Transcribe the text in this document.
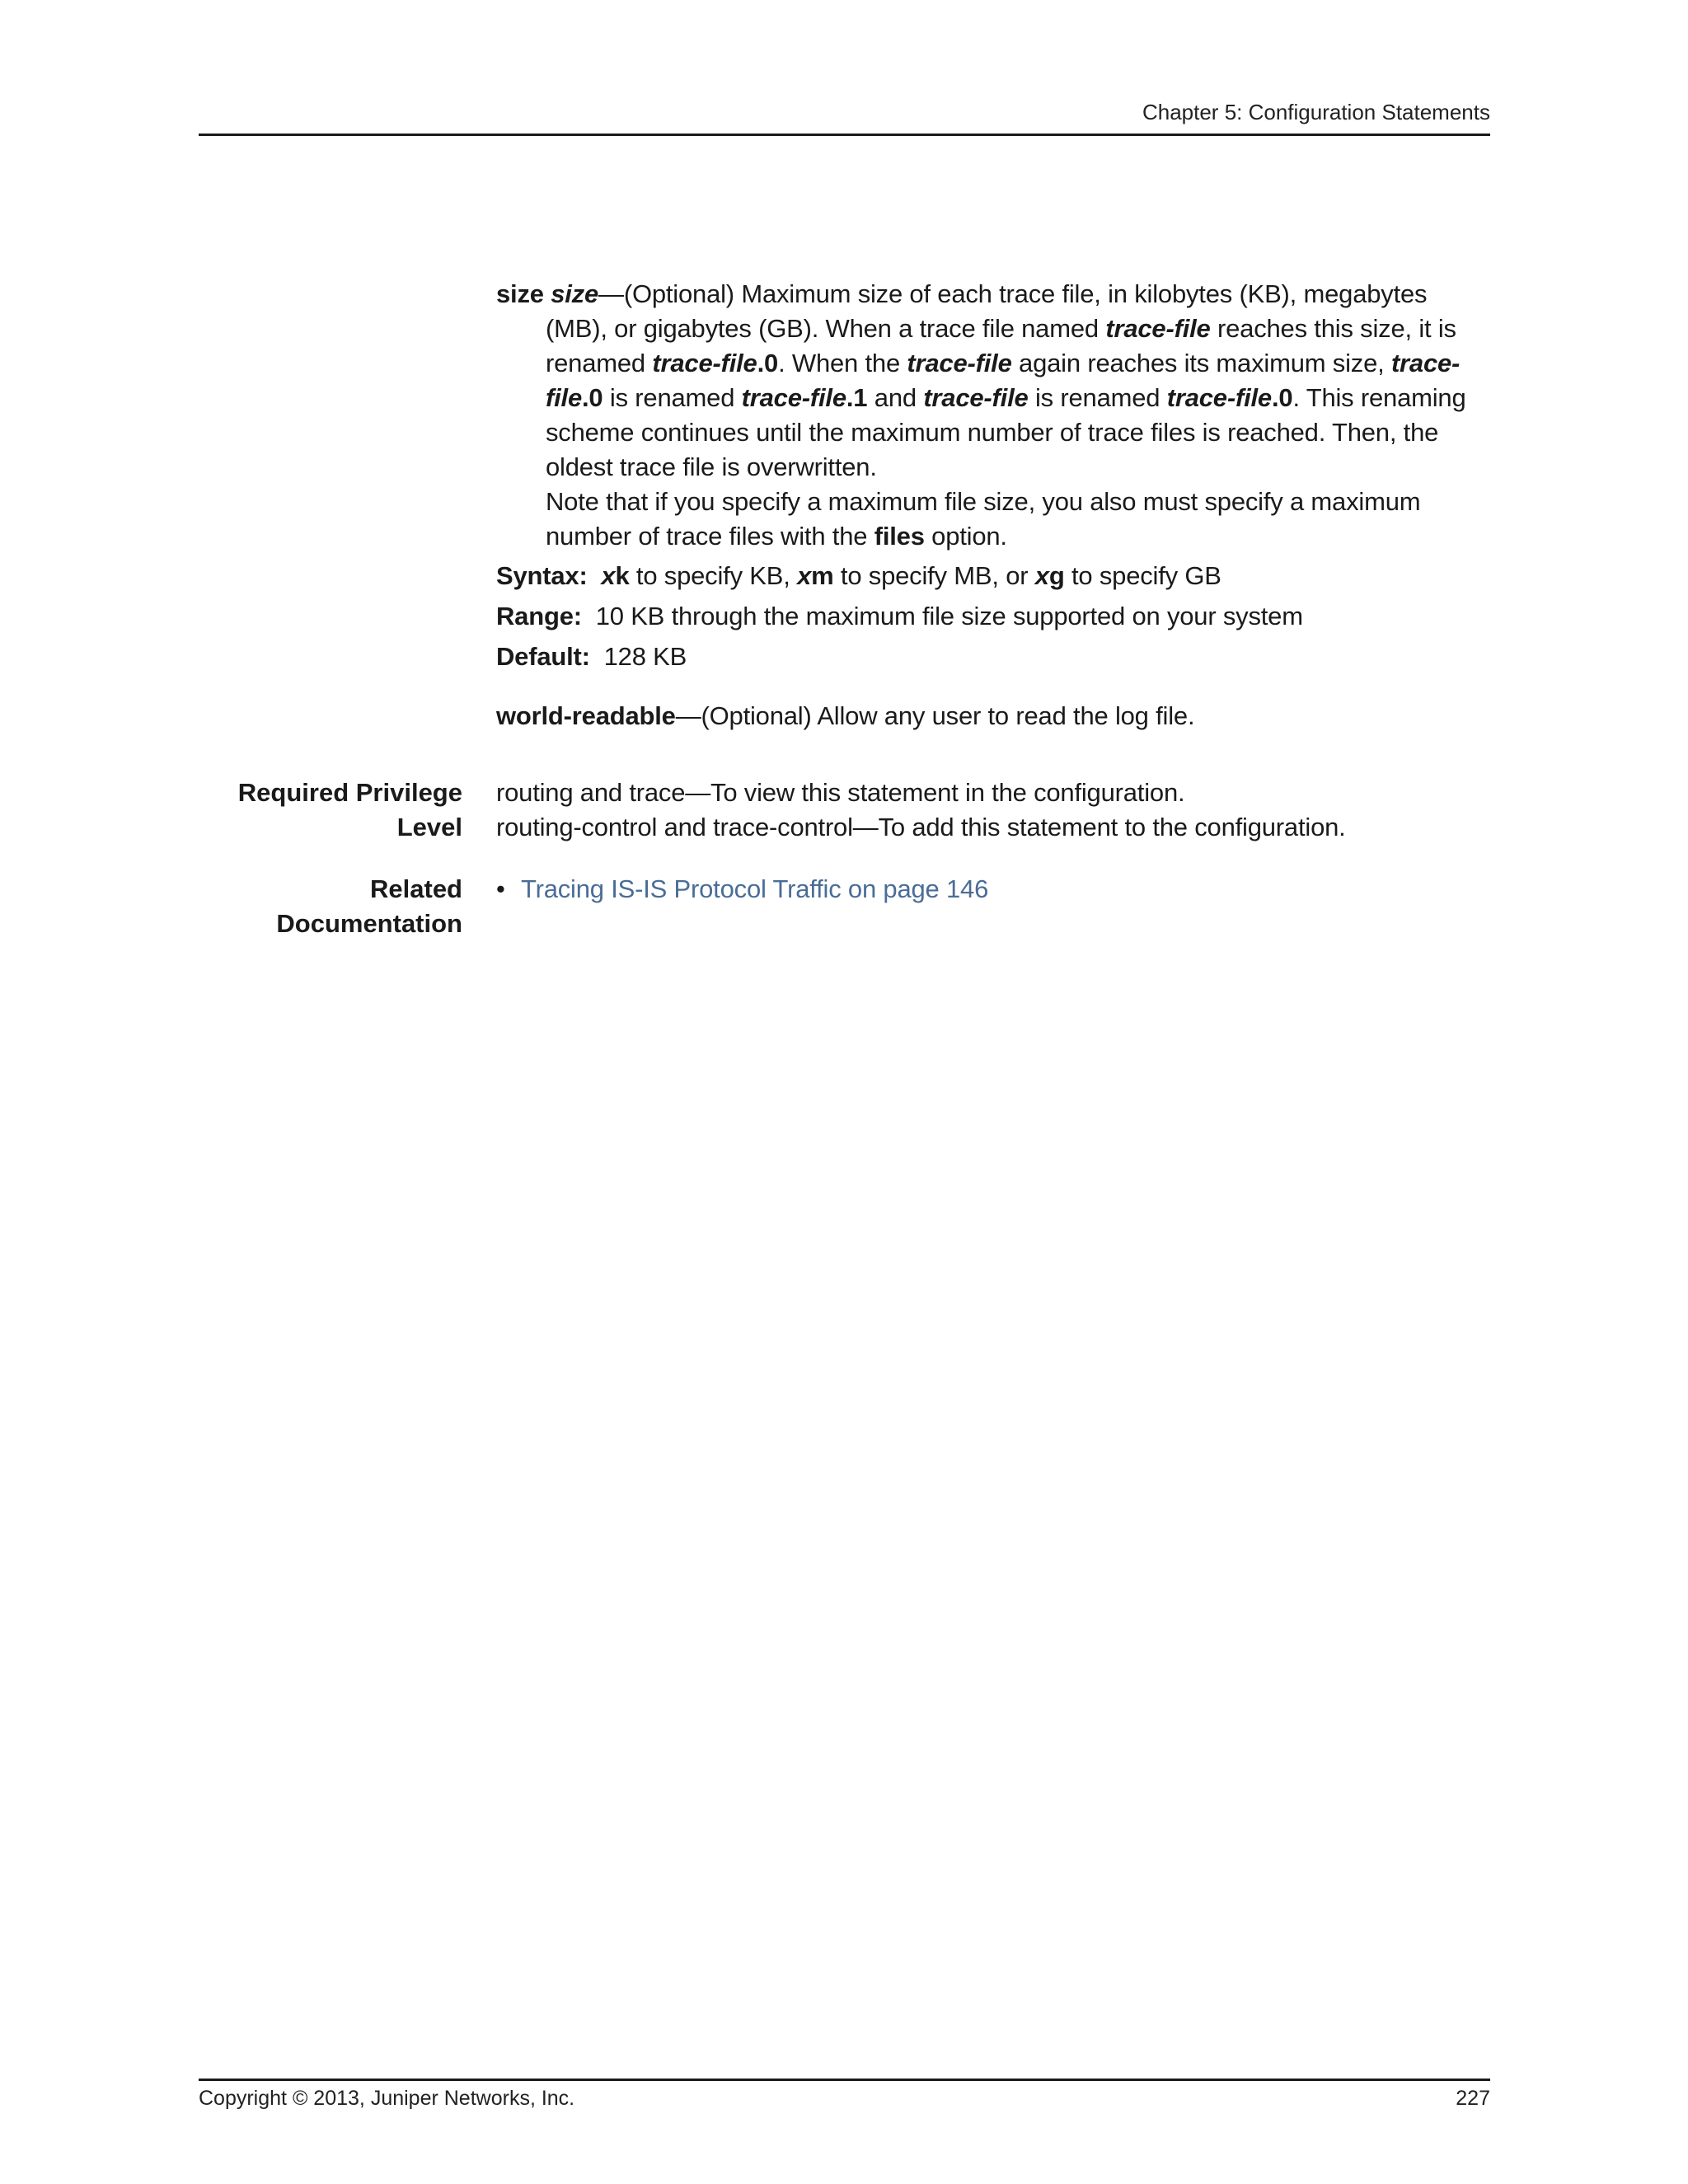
Chapter 5: Configuration Statements

size size—(Optional) Maximum size of each trace file, in kilobytes (KB), megabytes (MB), or gigabytes (GB). When a trace file named trace-file reaches this size, it is renamed trace-file.0. When the trace-file again reaches its maximum size, trace-file.0 is renamed trace-file.1 and trace-file is renamed trace-file.0. This renaming scheme continues until the maximum number of trace files is reached. Then, the oldest trace file is overwritten.

Note that if you specify a maximum file size, you also must specify a maximum number of trace files with the files option.

Syntax: xk to specify KB, xm to specify MB, or xg to specify GB
Range: 10 KB through the maximum file size supported on your system
Default: 128 KB
world-readable—(Optional) Allow any user to read the log file.
Required Privilege
Level
routing and trace—To view this statement in the configuration.
routing-control and trace-control—To add this statement to the configuration.
Related
Documentation
• Tracing IS-IS Protocol Traffic on page 146
Copyright © 2013, Juniper Networks, Inc.	227
